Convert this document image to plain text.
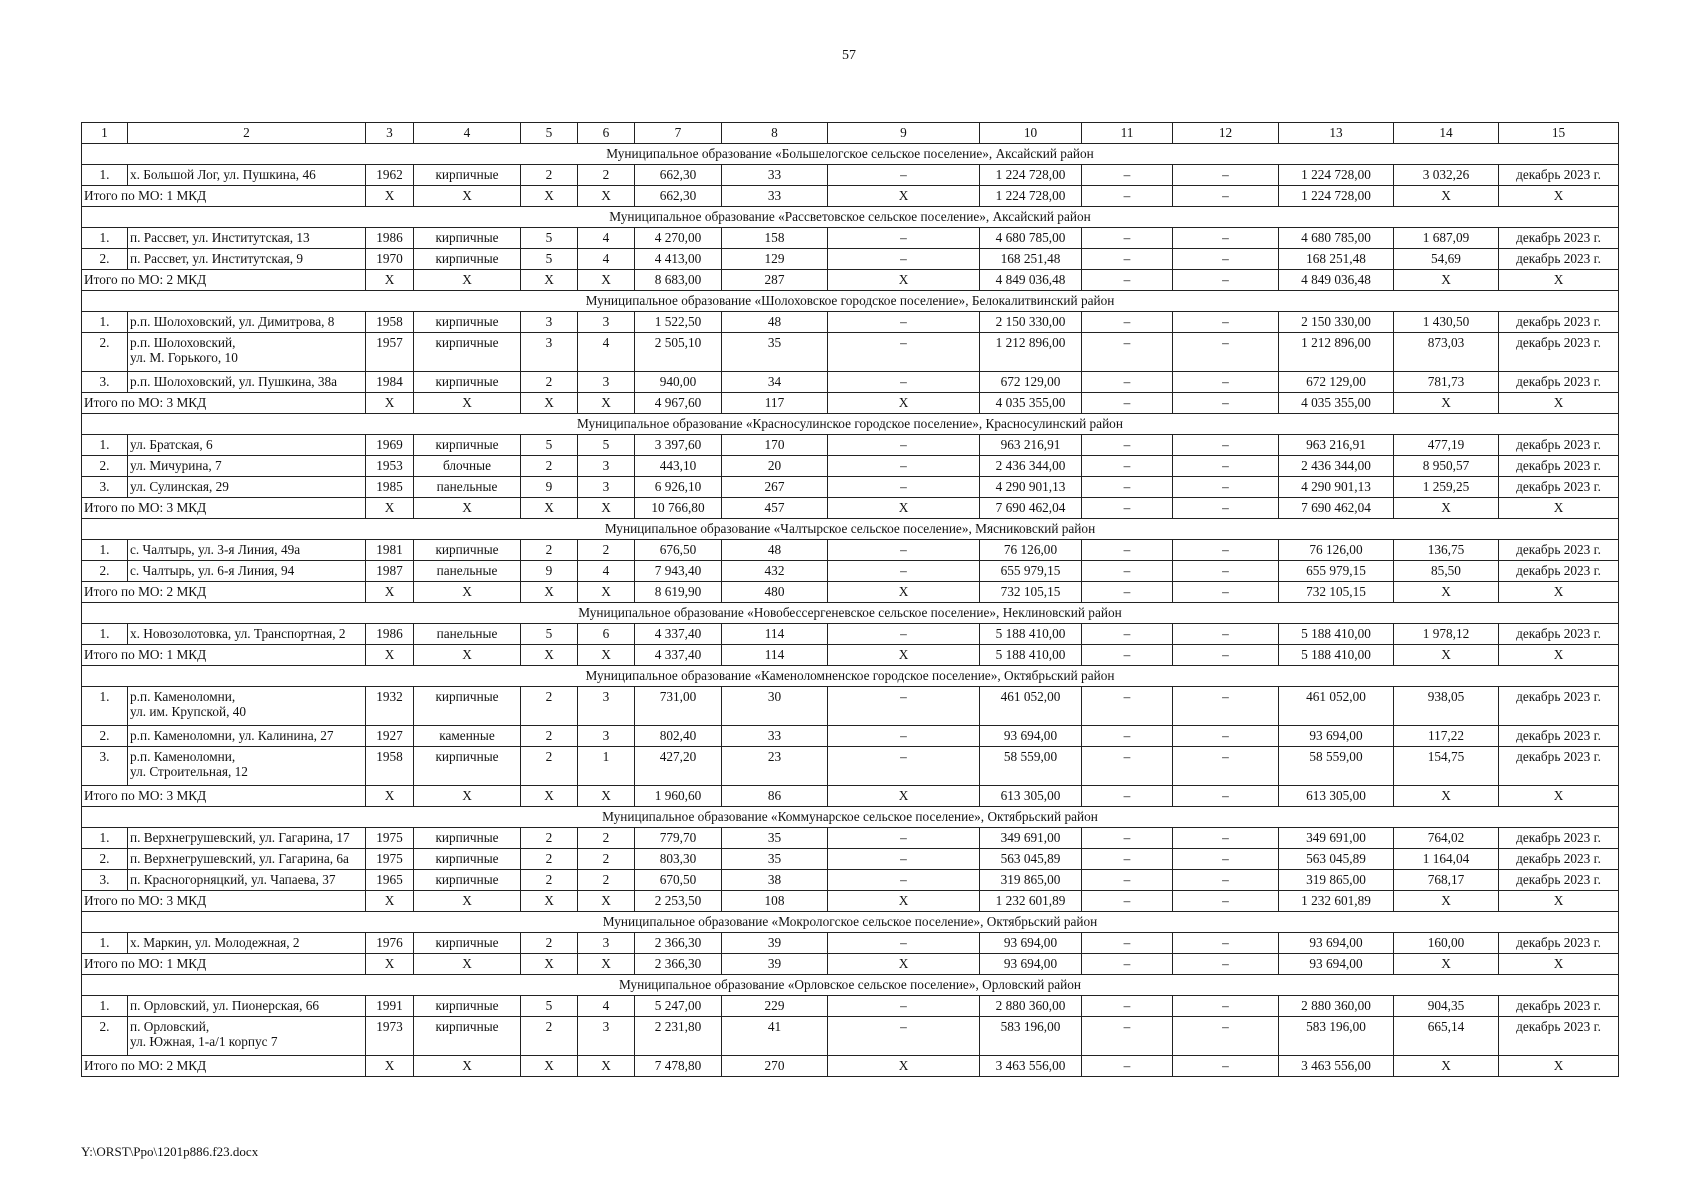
57
1	2	3	4	5	6	7	8	9	10	11	12	13	14	15
Муниципальное образование «Большелогское сельское поселение», Аксайский район														
1.	х. Большой Лог, ул. Пушкина, 46	1962	кирпичные	2	2	662,30	33	–	1 224 728,00	–	–	1 224 728,00	3 032,26	декабрь 2023 г.
Итого по МО: 1 МКД		Х	Х	Х	Х	662,30	33	Х	1 224 728,00	–	–	1 224 728,00	Х	Х
Муниципальное образование «Рассветовское сельское поселение», Аксайский район														
1.	п. Рассвет, ул. Институтская, 13	1986	кирпичные	5	4	4 270,00	158	–	4 680 785,00	–	–	4 680 785,00	1 687,09	декабрь 2023 г.
2.	п. Рассвет, ул. Институтская, 9	1970	кирпичные	5	4	4 413,00	129	–	168 251,48	–	–	168 251,48	54,69	декабрь 2023 г.
Итого по МО: 2 МКД		Х	Х	Х	Х	8 683,00	287	Х	4 849 036,48	–	–	4 849 036,48	Х	Х
Муниципальное образование «Шолоховское городское поселение», Белокалитвинский район														
1.	р.п. Шолоховский, ул. Димитрова, 8	1958	кирпичные	3	3	1 522,50	48	–	2 150 330,00	–	–	2 150 330,00	1 430,50	декабрь 2023 г.
2.	р.п. Шолоховский,
ул. М. Горького, 10	1957	кирпичные	3	4	2 505,10	35	–	1 212 896,00	–	–	1 212 896,00	873,03	декабрь 2023 г.
3.	р.п. Шолоховский, ул. Пушкина, 38а	1984	кирпичные	2	3	940,00	34	–	672 129,00	–	–	672 129,00	781,73	декабрь 2023 г.
Итого по МО: 3 МКД		Х	Х	Х	Х	4 967,60	117	Х	4 035 355,00	–	–	4 035 355,00	Х	Х
Муниципальное образование «Красносулинское городское поселение», Красносулинский район														
1.	ул. Братская, 6	1969	кирпичные	5	5	3 397,60	170	–	963 216,91	–	–	963 216,91	477,19	декабрь 2023 г.
2.	ул. Мичурина, 7	1953	блочные	2	3	443,10	20	–	2 436 344,00	–	–	2 436 344,00	8 950,57	декабрь 2023 г.
3.	ул. Сулинская, 29	1985	панельные	9	3	6 926,10	267	–	4 290 901,13	–	–	4 290 901,13	1 259,25	декабрь 2023 г.
Итого по МО: 3 МКД		Х	Х	Х	Х	10 766,80	457	Х	7 690 462,04	–	–	7 690 462,04	Х	Х
Муниципальное образование «Чалтырское сельское поселение», Мясниковский район														
1.	с. Чалтырь, ул. 3-я Линия, 49а	1981	кирпичные	2	2	676,50	48	–	76 126,00	–	–	76 126,00	136,75	декабрь 2023 г.
2.	с. Чалтырь, ул. 6-я Линия, 94	1987	панельные	9	4	7 943,40	432	–	655 979,15	–	–	655 979,15	85,50	декабрь 2023 г.
Итого по МО: 2 МКД		Х	Х	Х	Х	8 619,90	480	Х	732 105,15	–	–	732 105,15	Х	Х
Муниципальное образование «Новобессергеневское сельское поселение», Неклиновский район														
1.	х. Новозолотовка, ул. Транспортная, 2	1986	панельные	5	6	4 337,40	114	–	5 188 410,00	–	–	5 188 410,00	1 978,12	декабрь 2023 г.
Итого по МО: 1 МКД		Х	Х	Х	Х	4 337,40	114	Х	5 188 410,00	–	–	5 188 410,00	Х	Х
Муниципальное образование «Каменоломненское городское поселение», Октябрьский район														
1.	р.п. Каменоломни,
ул. им. Крупской, 40	1932	кирпичные	2	3	731,00	30	–	461 052,00	–	–	461 052,00	938,05	декабрь 2023 г.
2.	р.п. Каменоломни, ул. Калинина, 27	1927	каменные	2	3	802,40	33	–	93 694,00	–	–	93 694,00	117,22	декабрь 2023 г.
3.	р.п. Каменоломни,
ул. Строительная, 12	1958	кирпичные	2	1	427,20	23	–	58 559,00	–	–	58 559,00	154,75	декабрь 2023 г.
Итого по МО: 3 МКД		Х	Х	Х	Х	1 960,60	86	Х	613 305,00	–	–	613 305,00	Х	Х
Муниципальное образование «Коммунарское сельское поселение», Октябрьский район														
1.	п. Верхнегрушевский, ул. Гагарина, 17	1975	кирпичные	2	2	779,70	35	–	349 691,00	–	–	349 691,00	764,02	декабрь 2023 г.
2.	п. Верхнегрушевский, ул. Гагарина, 6а	1975	кирпичные	2	2	803,30	35	–	563 045,89	–	–	563 045,89	1 164,04	декабрь 2023 г.
3.	п. Красногорняцкий, ул. Чапаева, 37	1965	кирпичные	2	2	670,50	38	–	319 865,00	–	–	319 865,00	768,17	декабрь 2023 г.
Итого по МО: 3 МКД		Х	Х	Х	Х	2 253,50	108	Х	1 232 601,89	–	–	1 232 601,89	Х	Х
Муниципальное образование «Мокрологское сельское поселение», Октябрьский район														
1.	х. Маркин, ул. Молодежная, 2	1976	кирпичные	2	3	2 366,30	39	–	93 694,00	–	–	93 694,00	160,00	декабрь 2023 г.
Итого по МО: 1 МКД		Х	Х	Х	Х	2 366,30	39	Х	93 694,00	–	–	93 694,00	Х	Х
Муниципальное образование «Орловское сельское поселение», Орловский район														
1.	п. Орловский, ул. Пионерская, 66	1991	кирпичные	5	4	5 247,00	229	–	2 880 360,00	–	–	2 880 360,00	904,35	декабрь 2023 г.
2.	п. Орловский,
ул. Южная, 1-а/1 корпус 7	1973	кирпичные	2	3	2 231,80	41	–	583 196,00	–	–	583 196,00	665,14	декабрь 2023 г.
Итого по МО: 2 МКД		Х	Х	Х	Х	7 478,80	270	Х	3 463 556,00	–	–	3 463 556,00	Х	Х
Y:\ORST\Ppo\1201p886.f23.docx
